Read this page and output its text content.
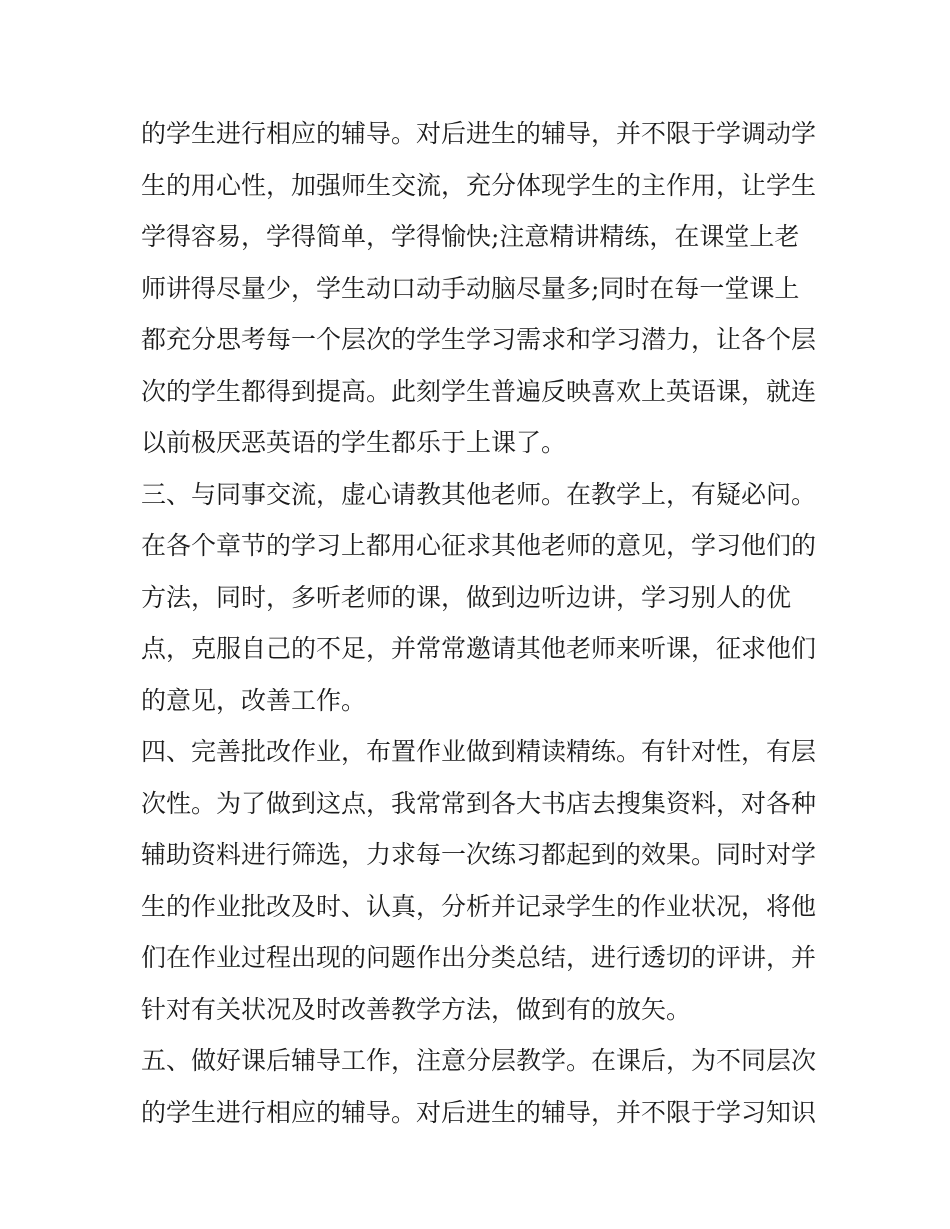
的学生进行相应的辅导。对后进生的辅导，并不限于学调动学
生的用心性，加强师生交流，充分体现学生的主作用，让学生
学得容易，学得简单，学得愉快;注意精讲精练，在课堂上老
师讲得尽量少，学生动口动手动脑尽量多;同时在每一堂课上
都充分思考每一个层次的学生学习需求和学习潜力，让各个层
次的学生都得到提高。此刻学生普遍反映喜欢上英语课，就连
以前极厌恶英语的学生都乐于上课了。
三、与同事交流，虚心请教其他老师。在教学上，有疑必问。
在各个章节的学习上都用心征求其他老师的意见，学习他们的
方法，同时，多听老师的课，做到边听边讲，学习别人的优
点，克服自己的不足，并常常邀请其他老师来听课，征求他们
的意见，改善工作。
四、完善批改作业，布置作业做到精读精练。有针对性，有层
次性。为了做到这点，我常常到各大书店去搜集资料，对各种
辅助资料进行筛选，力求每一次练习都起到的效果。同时对学
生的作业批改及时、认真，分析并记录学生的作业状况，将他
们在作业过程出现的问题作出分类总结，进行透切的评讲，并
针对有关状况及时改善教学方法，做到有的放矢。
五、做好课后辅导工作，注意分层教学。在课后，为不同层次
的学生进行相应的辅导。对后进生的辅导，并不限于学习知识
